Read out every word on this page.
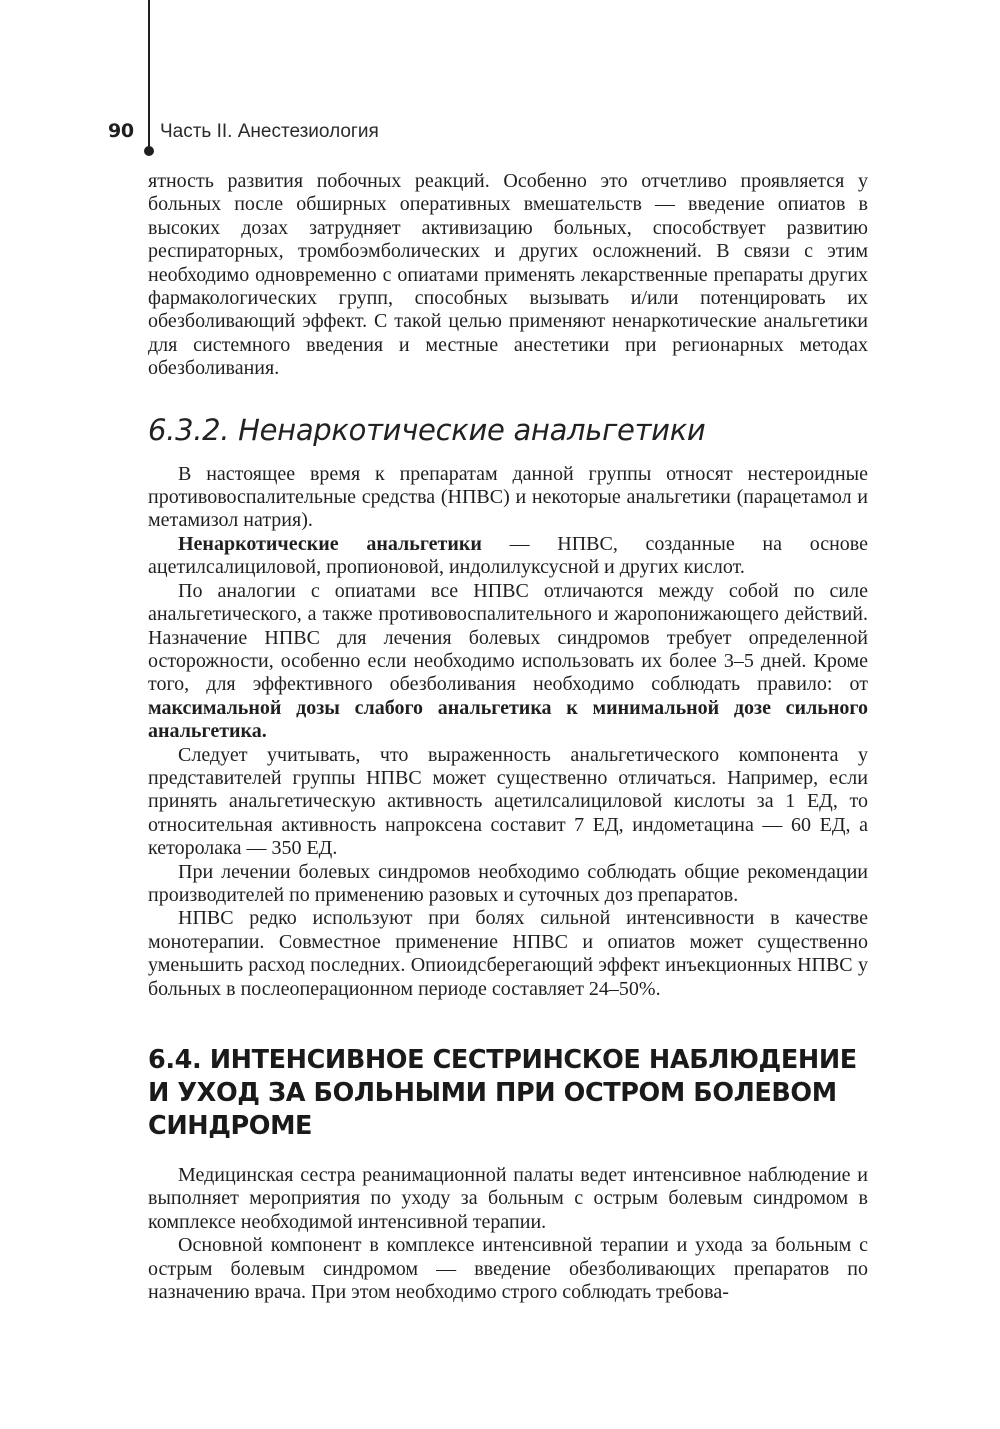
90 Часть II. Анестезиология

ятность развития побочных реакций. Особенно это отчетливо проявляется у больных после обширных оперативных вмешательств — введение опиатов в высоких дозах затрудняет активизацию больных, способствует развитию респираторных, тромбоэмболических и других осложнений. В связи с этим необходимо одновременно с опиатами применять лекарственные препараты других фармакологических групп, способных вызывать и/или потенцировать их обезболивающий эффект. С такой целью применяют ненаркотические анальгетики для системного введения и местные анестетики при регионарных методах обезболивания.

6.3.2. Ненаркотические анальгетики

В настоящее время к препаратам данной группы относят нестероидные противовоспалительные средства (НПВС) и некоторые анальгетики (парацетамол и метамизол натрия).

Ненаркотические анальгетики — НПВС, созданные на основе ацетилсалициловой, пропионовой, индолилуксусной и других кислот.

По аналогии с опиатами все НПВС отличаются между собой по силе анальгетического, а также противовоспалительного и жаропонижающего действий. Назначение НПВС для лечения болевых синдромов требует определенной осторожности, особенно если необходимо использовать их более 3–5 дней. Кроме того, для эффективного обезболивания необходимо соблюдать правило: от максимальной дозы слабого анальгетика к минимальной дозе сильного анальгетика.

Следует учитывать, что выраженность анальгетического компонента у представителей группы НПВС может существенно отличаться. Например, если принять анальгетическую активность ацетилсалициловой кислоты за 1 ЕД, то относительная активность напроксена составит 7 ЕД, индометацина — 60 ЕД, а кеторолака — 350 ЕД.

При лечении болевых синдромов необходимо соблюдать общие рекомендации производителей по применению разовых и суточных доз препаратов.

НПВС редко используют при болях сильной интенсивности в качестве монотерапии. Совместное применение НПВС и опиатов может существенно уменьшить расход последних. Опиоидсберегающий эффект инъекционных НПВС у больных в послеоперационном периоде составляет 24–50%.

6.4. ИНТЕНСИВНОЕ СЕСТРИНСКОЕ НАБЛЮДЕНИЕ И УХОД ЗА БОЛЬНЫМИ ПРИ ОСТРОМ БОЛЕВОМ СИНДРОМЕ

Медицинская сестра реанимационной палаты ведет интенсивное наблюдение и выполняет мероприятия по уходу за больным с острым болевым синдромом в комплексе необходимой интенсивной терапии.

Основной компонент в комплексе интенсивной терапии и ухода за больным с острым болевым синдромом — введение обезболивающих препаратов по назначению врача. При этом необходимо строго соблюдать требова-
